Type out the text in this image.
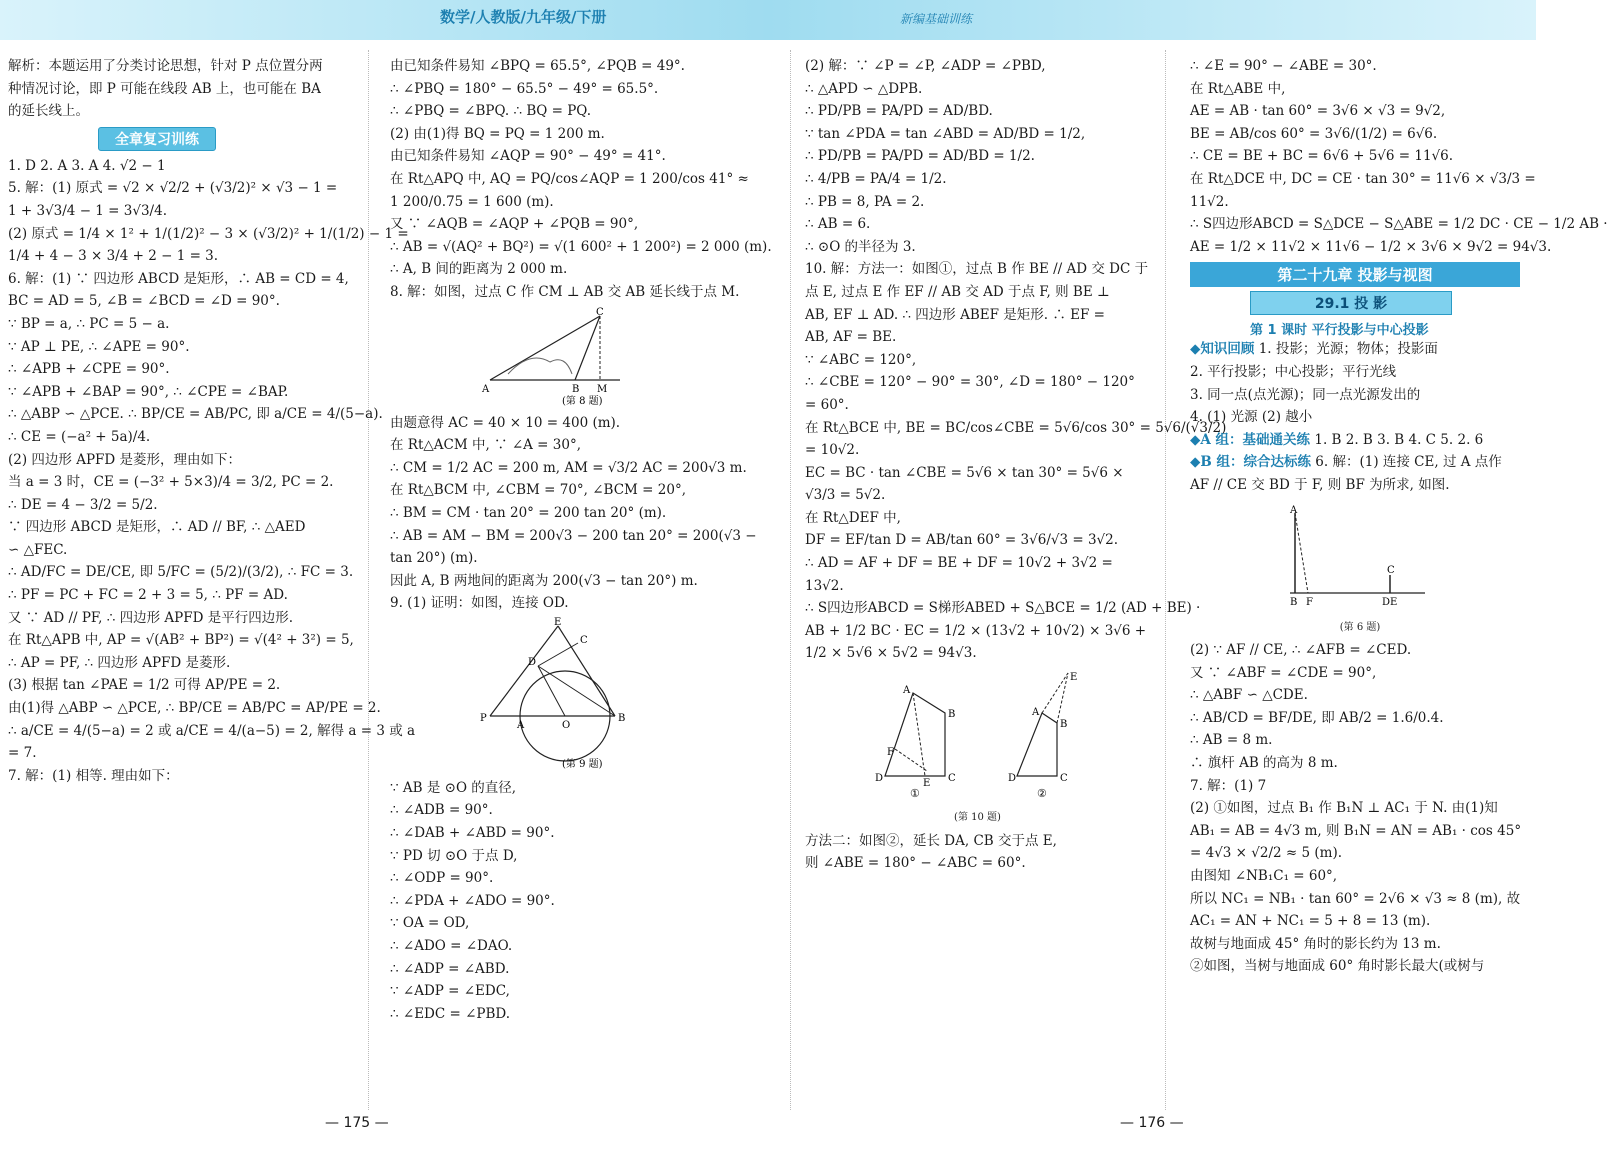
数学/人教版/九年级/下册	新编基础训练
解析：本题运用了分类讨论思想，针对 P 点位置分两
种情况讨论，即 P 可能在线段 AB 上，也可能在 BA
的延长线上。
全章复习训练
1. D 2. A 3. A 4. √2 − 1
5. 解：(1) 原式 = √2 × √2/2 + (√3/2)² × √3 − 1 =
1 + 3√3/4 − 1 = 3√3/4.
(2) 原式 = 1/4 × 1² + 1/(1/2)² − 3 × (√3/2)² + 1/(1/2) − 1 =
1/4 + 4 − 3 × 3/4 + 2 − 1 = 3.
6. 解：(1) ∵ 四边形 ABCD 是矩形，∴ AB = CD = 4,
BC = AD = 5, ∠B = ∠BCD = ∠D = 90°.
∵ BP = a, ∴ PC = 5 − a.
∵ AP ⊥ PE, ∴ ∠APE = 90°.
∴ ∠APB + ∠CPE = 90°.
∵ ∠APB + ∠BAP = 90°, ∴ ∠CPE = ∠BAP.
∴ △ABP ∽ △PCE. ∴ BP/CE = AB/PC, 即 a/CE = 4/(5−a).
∴ CE = (−a² + 5a)/4.
(2) 四边形 APFD 是菱形，理由如下：
当 a = 3 时，CE = (−3² + 5×3)/4 = 3/2, PC = 2.
∴ DE = 4 − 3/2 = 5/2.
∵ 四边形 ABCD 是矩形，∴ AD // BF, ∴ △AED
∽ △FEC.
∴ AD/FC = DE/CE, 即 5/FC = (5/2)/(3/2), ∴ FC = 3.
∴ PF = PC + FC = 2 + 3 = 5, ∴ PF = AD.
又 ∵ AD // PF, ∴ 四边形 APFD 是平行四边形.
在 Rt△APB 中, AP = √(AB² + BP²) = √(4² + 3²) = 5,
∴ AP = PF, ∴ 四边形 APFD 是菱形.
(3) 根据 tan ∠PAE = 1/2 可得 AP/PE = 2.
由(1)得 △ABP ∽ △PCE, ∴ BP/CE = AB/PC = AP/PE = 2.
∴ a/CE = 4/(5−a) = 2 或 a/CE = 4/(a−5) = 2, 解得 a = 3 或 a
= 7.
7. 解：(1) 相等. 理由如下：
由已知条件易知 ∠BPQ = 65.5°, ∠PQB = 49°.
∴ ∠PBQ = 180° − 65.5° − 49° = 65.5°.
∴ ∠PBQ = ∠BPQ. ∴ BQ = PQ.
(2) 由(1)得 BQ = PQ = 1 200 m.
由已知条件易知 ∠AQP = 90° − 49° = 41°.
在 Rt△APQ 中, AQ = PQ/cos∠AQP = 1 200/cos 41° ≈
1 200/0.75 = 1 600 (m).
又 ∵ ∠AQB = ∠AQP + ∠PQB = 90°,
∴ AB = √(AQ² + BQ²) = √(1 600² + 1 200²) = 2 000 (m).
∴ A, B 间的距离为 2 000 m.
8. 解：如图，过点 C 作 CM ⊥ AB 交 AB 延长线于点 M.
A	B M
C
(第 8 题)
由题意得 AC = 40 × 10 = 400 (m).
在 Rt△ACM 中, ∵ ∠A = 30°,
∴ CM = 1/2 AC = 200 m, AM = √3/2 AC = 200√3 m.
在 Rt△BCM 中, ∠CBM = 70°, ∠BCM = 20°,
∴ BM = CM · tan 20° = 200 tan 20° (m).
∴ AB = AM − BM = 200√3 − 200 tan 20° = 200(√3 −
tan 20°) (m).
因此 A, B 两地间的距离为 200(√3 − tan 20°) m.
9. (1) 证明：如图，连接 OD.
P
A	O
B
D
E
C
(第 9 题)
∵ AB 是 ⊙O 的直径,
∴ ∠ADB = 90°.
∴ ∠DAB + ∠ABD = 90°.
∵ PD 切 ⊙O 于点 D,
∴ ∠ODP = 90°.
∴ ∠PDA + ∠ADO = 90°.
∵ OA = OD,
∴ ∠ADO = ∠DAO.
∴ ∠ADP = ∠ABD.
∵ ∠ADP = ∠EDC,
∴ ∠EDC = ∠PBD.
(2) 解：∵ ∠P = ∠P, ∠ADP = ∠PBD,
∴ △APD ∽ △DPB.
∴ PD/PB = PA/PD = AD/BD.
∵ tan ∠PDA = tan ∠ABD = AD/BD = 1/2,
∴ PD/PB = PA/PD = AD/BD = 1/2.
∴ 4/PB = PA/4 = 1/2.
∴ PB = 8, PA = 2.
∴ AB = 6.
∴ ⊙O 的半径为 3.
10. 解：方法一：如图①，过点 B 作 BE // AD 交 DC 于
点 E, 过点 E 作 EF // AB 交 AD 于点 F, 则 BE ⊥
AB, EF ⊥ AD. ∴ 四边形 ABEF 是矩形. ∴ EF =
AB, AF = BE.
∵ ∠ABC = 120°,
∴ ∠CBE = 120° − 90° = 30°, ∠D = 180° − 120°
= 60°.
在 Rt△BCE 中, BE = BC/cos∠CBE = 5√6/cos 30° = 5√6/(√3/2)
= 10√2.
EC = BC · tan ∠CBE = 5√6 × tan 30° = 5√6 ×
√3/3 = 5√2.
在 Rt△DEF 中,
DF = EF/tan D = AB/tan 60° = 3√6/√3 = 3√2.
∴ AD = AF + DF = BE + DF = 10√2 + 3√2 =
13√2.
∴ S四边形ABCD = S梯形ABED + S△BCE = 1/2 (AD + BE) ·
AB + 1/2 BC · EC = 1/2 × (13√2 + 10√2) × 3√6 +
1/2 × 5√6 × 5√2 = 94√3.
D
A
B
C
F
E	D
A
B
C
E
①	②
(第 10 题)
方法二：如图②，延长 DA, CB 交于点 E,
则 ∠ABE = 180° − ∠ABC = 60°.
∴ ∠E = 90° − ∠ABE = 30°.
在 Rt△ABE 中,
AE = AB · tan 60° = 3√6 × √3 = 9√2,
BE = AB/cos 60° = 3√6/(1/2) = 6√6.
∴ CE = BE + BC = 6√6 + 5√6 = 11√6.
在 Rt△DCE 中, DC = CE · tan 30° = 11√6 × √3/3 =
11√2.
∴ S四边形ABCD = S△DCE − S△ABE = 1/2 DC · CE − 1/2 AB ·
AE = 1/2 × 11√2 × 11√6 − 1/2 × 3√6 × 9√2 = 94√3.
第二十九章 投影与视图
29.1 投 影
第 1 课时 平行投影与中心投影
◆知识回顾 1. 投影；光源；物体；投影面
2. 平行投影；中心投影；平行光线
3. 同一点(点光源)；同一点光源发出的
4. (1) 光源 (2) 越小
◆A 组：基础通关练 1. B 2. B 3. B 4. C 5. 2. 6
◆B 组：综合达标练 6. 解：(1) 连接 CE, 过 A 点作
AF // CE 交 BD 于 F, 则 BF 为所求, 如图.
A
B F
C
DE
(第 6 题)
(2) ∵ AF // CE, ∴ ∠AFB = ∠CED.
又 ∵ ∠ABF = ∠CDE = 90°,
∴ △ABF ∽ △CDE.
∴ AB/CD = BF/DE, 即 AB/2 = 1.6/0.4.
∴ AB = 8 m.
∴ 旗杆 AB 的高为 8 m.
7. 解：(1) 7
(2) ①如图，过点 B₁ 作 B₁N ⊥ AC₁ 于 N. 由(1)知
AB₁ = AB = 4√3 m, 则 B₁N = AN = AB₁ · cos 45°
= 4√3 × √2/2 ≈ 5 (m).
由图知 ∠NB₁C₁ = 60°,
所以 NC₁ = NB₁ · tan 60° = 2√6 × √3 ≈ 8 (m), 故
AC₁ = AN + NC₁ = 5 + 8 = 13 (m).
故树与地面成 45° 角时的影长约为 13 m.
②如图，当树与地面成 60° 角时影长最大(或树与
— 175 —	— 176 —
